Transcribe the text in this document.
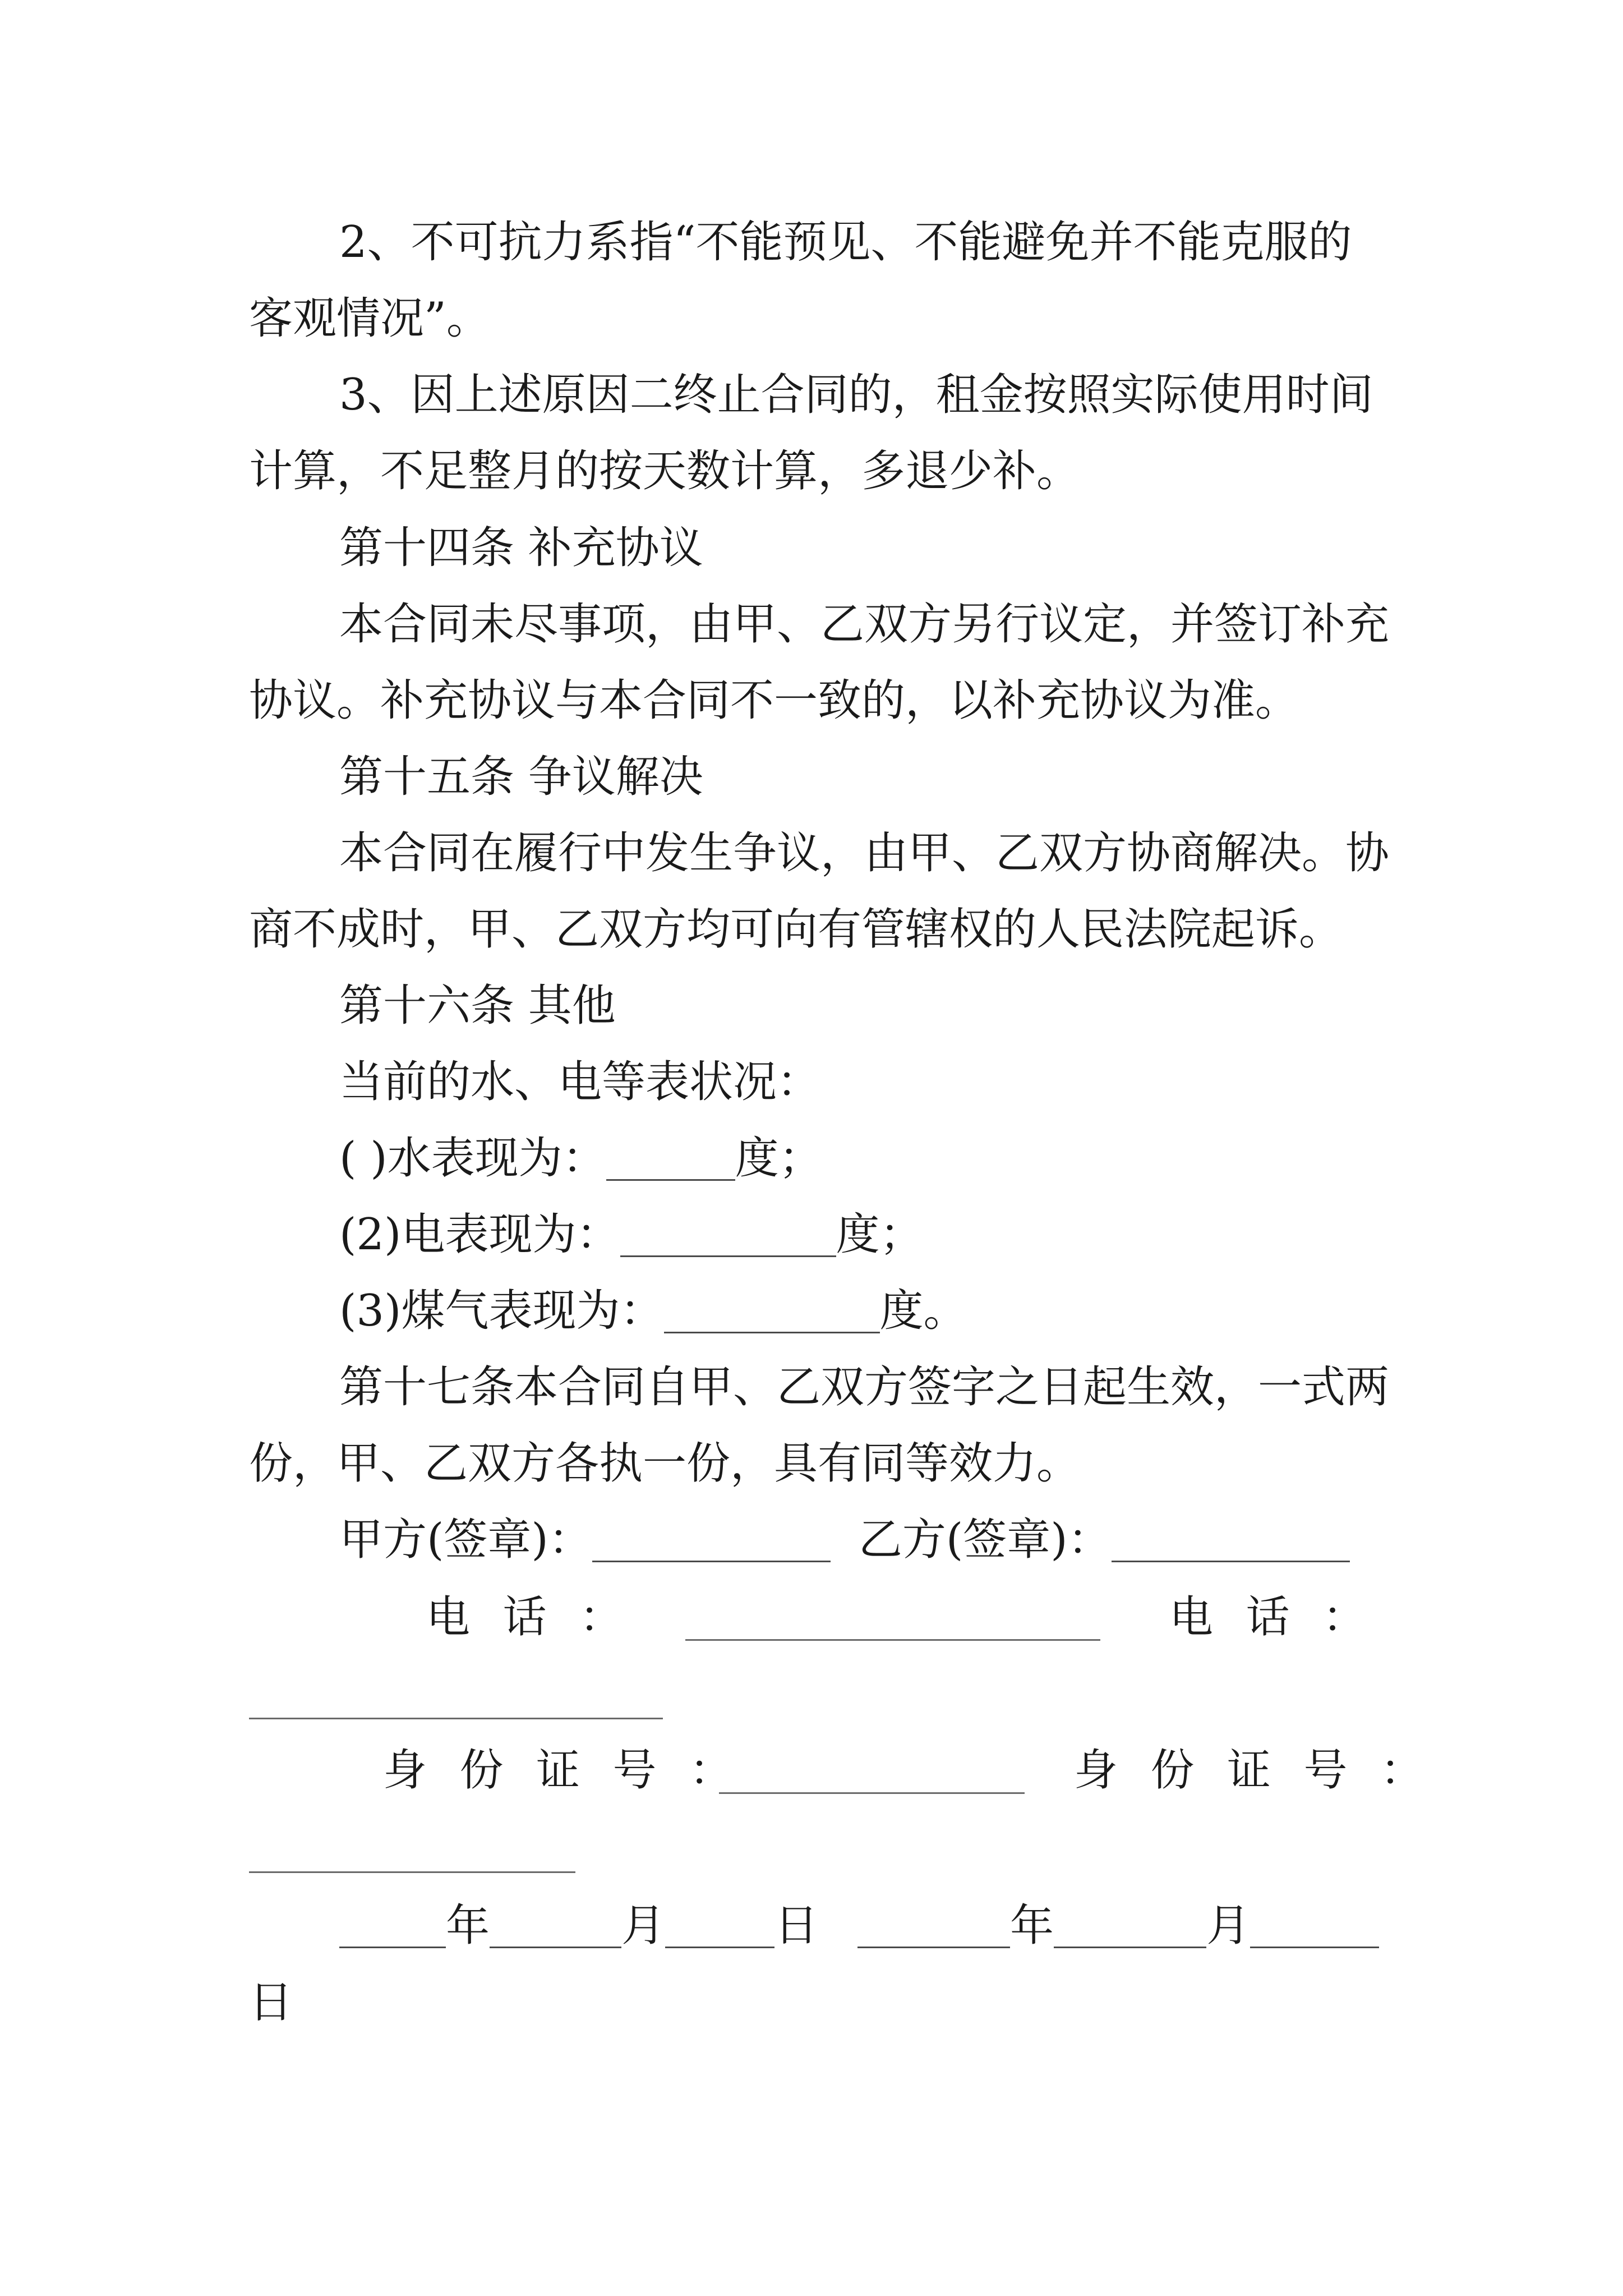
2、不可抗力系指“不能预见、不能避免并不能克服的
客观情况”。
3、因上述原因二终止合同的，租金按照实际使用时间
计算，不足整月的按天数计算，多退少补。
第十四条 补充协议
本合同未尽事项，由甲、乙双方另行议定，并签订补充
协议。补充协议与本合同不一致的，以补充协议为准。
第十五条 争议解决
本合同在履行中发生争议，由甲、乙双方协商解决。协
商不成时，甲、乙双方均可向有管辖权的人民法院起诉。
第十六条 其他
当前的水、电等表状况：
( )水表现为：	度；
(2)电表现为：	度；
(3)煤气表现为：	度。
第十七条本合同自甲、乙双方签字之日起生效，一式两
份，甲、乙双方各执一份，具有同等效力。
甲方(签章)：	乙方(签章)：
电话：	电话：
身份证号：	身份证号：
年	月	日	年	月
日
